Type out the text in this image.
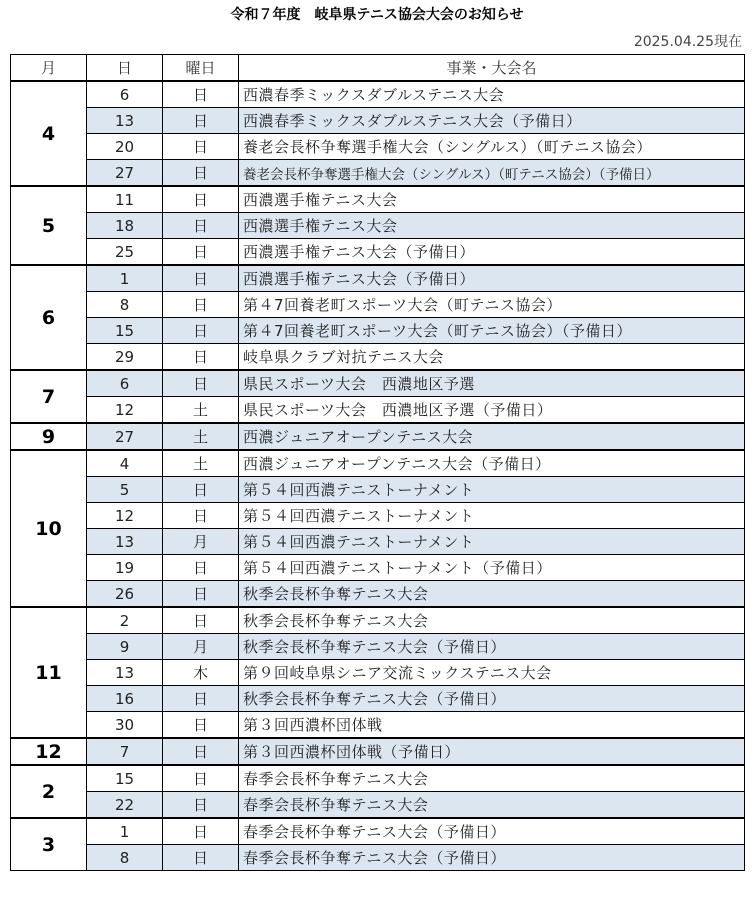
令和７年度　岐阜県テニス協会大会のお知らせ
2025.04.25現在
月	日	曜日	事業・大会名
4	6	日	西濃春季ミックスダブルステニス大会
	13	日	西濃春季ミックスダブルステニス大会（予備日）
	20	日	養老会長杯争奪選手権大会（シングルス）（町テニス協会）
	27	日	養老会長杯争奪選手権大会（シングルス）（町テニス協会）（予備日）
5	11	日	西濃選手権テニス大会
	18	日	西濃選手権テニス大会
	25	日	西濃選手権テニス大会（予備日）
6	1	日	西濃選手権テニス大会（予備日）
	8	日	第４7回養老町スポーツ大会（町テニス協会）
	15	日	第４7回養老町スポーツ大会（町テニス協会）（予備日）
	29	日	岐阜県クラブ対抗テニス大会
7	6	日	県民スポーツ大会　西濃地区予選
	12	土	県民スポーツ大会　西濃地区予選（予備日）
9	27	土	西濃ジュニアオープンテニス大会
10	4	土	西濃ジュニアオープンテニス大会（予備日）
	5	日	第５４回西濃テニストーナメント
	12	日	第５４回西濃テニストーナメント
	13	月	第５４回西濃テニストーナメント
	19	日	第５４回西濃テニストーナメント（予備日）
	26	日	秋季会長杯争奪テニス大会
11	2	日	秋季会長杯争奪テニス大会
	9	月	秋季会長杯争奪テニス大会（予備日）
	13	木	第９回岐阜県シニア交流ミックステニス大会
	16	日	秋季会長杯争奪テニス大会（予備日）
	30	日	第３回西濃杯団体戦
12	7	日	第３回西濃杯団体戦（予備日）
2	15	日	春季会長杯争奪テニス大会
	22	日	春季会長杯争奪テニス大会
3	1	日	春季会長杯争奪テニス大会（予備日）
	8	日	春季会長杯争奪テニス大会（予備日）
